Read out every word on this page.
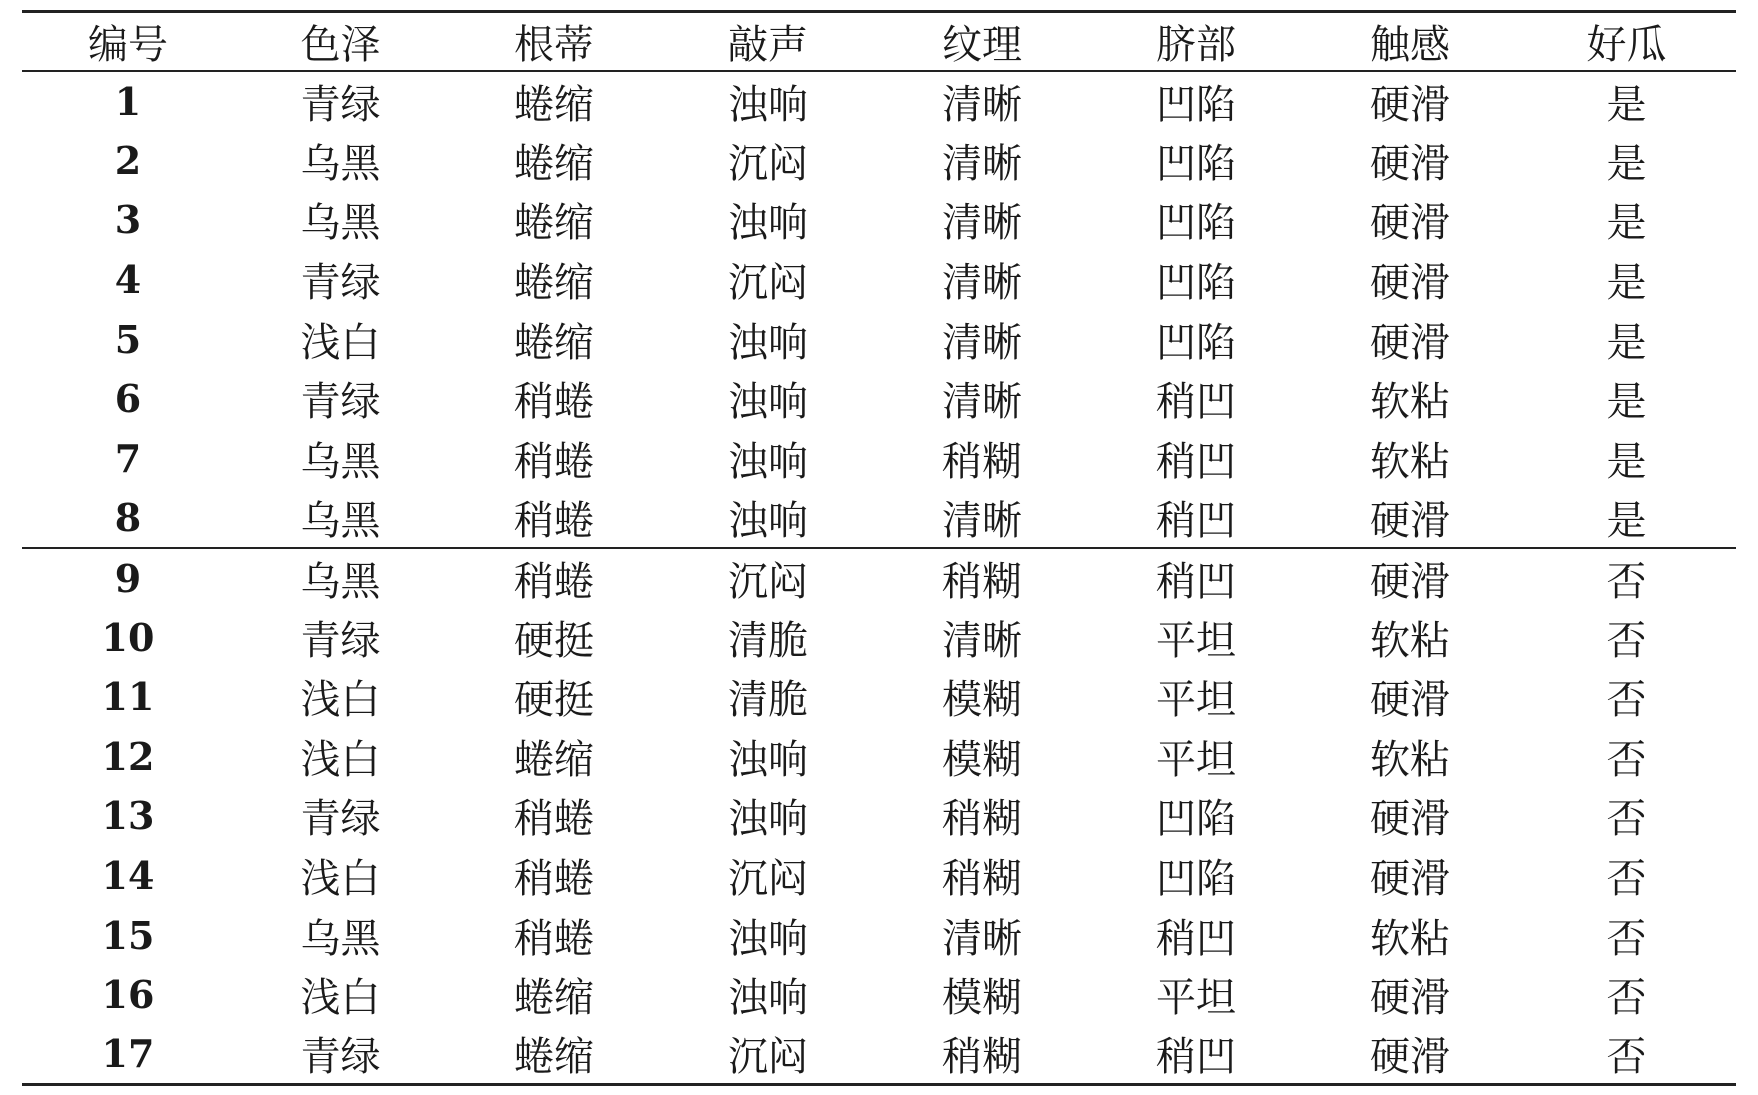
编号	色泽	根蒂	敲声	纹理	脐部	触感	好瓜
1	青绿	蜷缩	浊响	清晰	凹陷	硬滑	是
2	乌黑	蜷缩	沉闷	清晰	凹陷	硬滑	是
3	乌黑	蜷缩	浊响	清晰	凹陷	硬滑	是
4	青绿	蜷缩	沉闷	清晰	凹陷	硬滑	是
5	浅白	蜷缩	浊响	清晰	凹陷	硬滑	是
6	青绿	稍蜷	浊响	清晰	稍凹	软粘	是
7	乌黑	稍蜷	浊响	稍糊	稍凹	软粘	是
8	乌黑	稍蜷	浊响	清晰	稍凹	硬滑	是
9	乌黑	稍蜷	沉闷	稍糊	稍凹	硬滑	否
10	青绿	硬挺	清脆	清晰	平坦	软粘	否
11	浅白	硬挺	清脆	模糊	平坦	硬滑	否
12	浅白	蜷缩	浊响	模糊	平坦	软粘	否
13	青绿	稍蜷	浊响	稍糊	凹陷	硬滑	否
14	浅白	稍蜷	沉闷	稍糊	凹陷	硬滑	否
15	乌黑	稍蜷	浊响	清晰	稍凹	软粘	否
16	浅白	蜷缩	浊响	模糊	平坦	硬滑	否
17	青绿	蜷缩	沉闷	稍糊	稍凹	硬滑	否
